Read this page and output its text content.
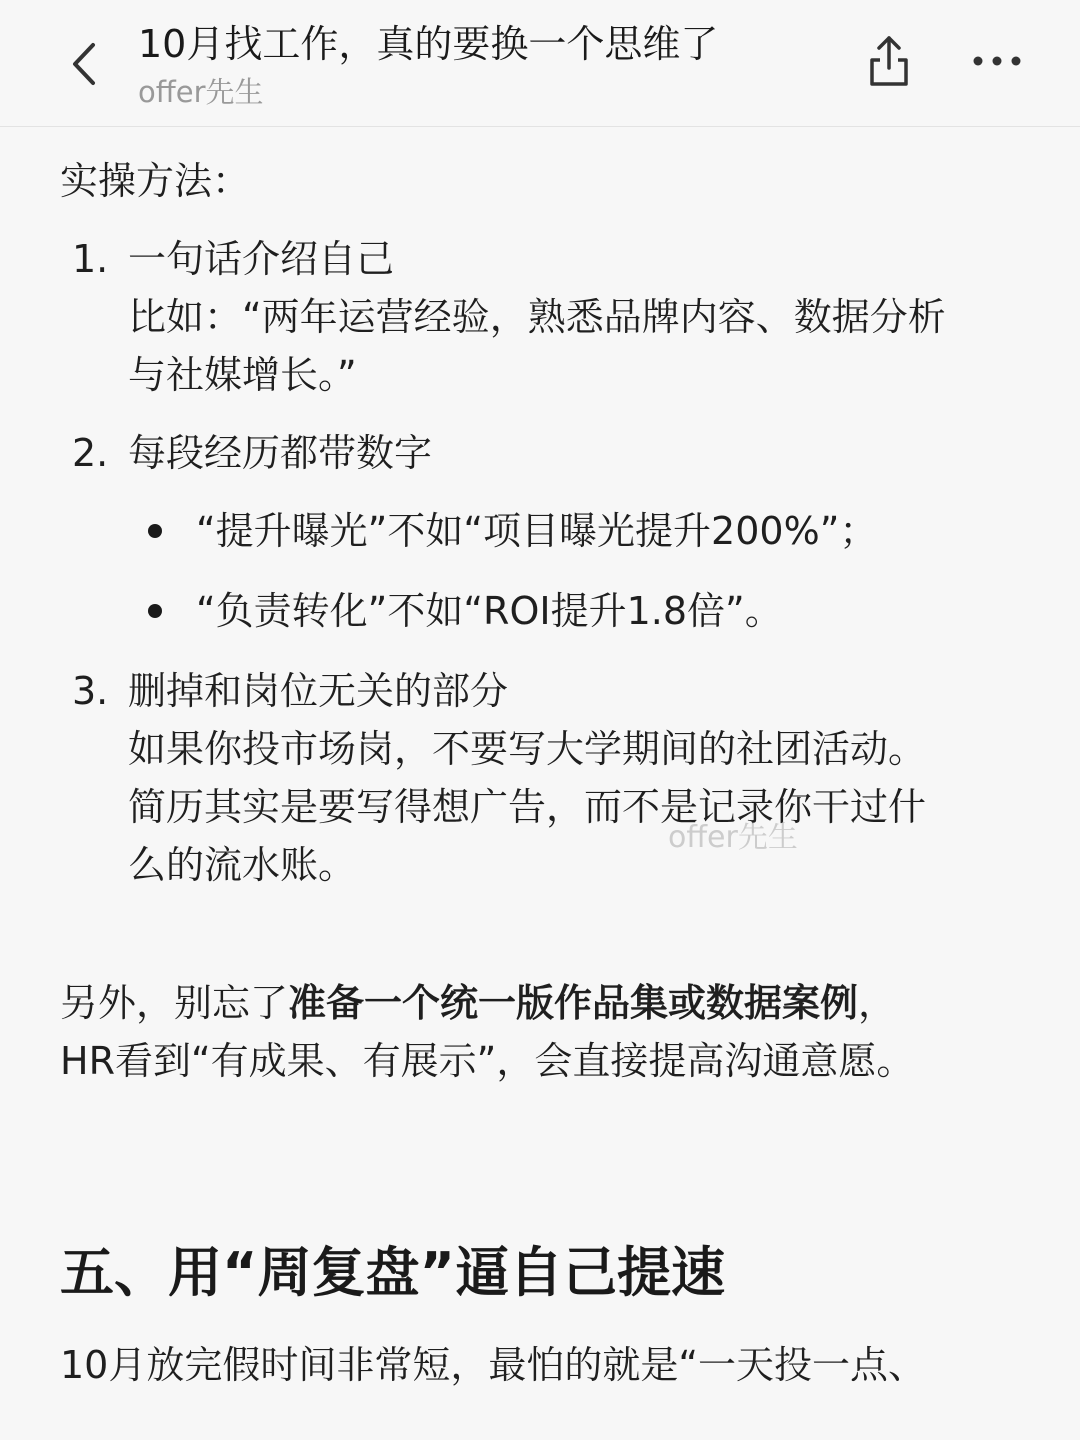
10月找工作，真的要换一个思维了
offer先生
实操方法：
1. 一句话介绍自己
比如：“两年运营经验，熟悉品牌内容、数据分析
与社媒增长。”
2. 每段经历都带数字
“提升曝光”不如“项目曝光提升200%”；
“负责转化”不如“ROI提升1.8倍”。
3. 删掉和岗位无关的部分
如果你投市场岗，不要写大学期间的社团活动。
简历其实是要写得想广告，而不是记录你干过什
么的流水账。
另外，别忘了准备一个统一版作品集或数据案例，
HR看到“有成果、有展示”，会直接提高沟通意愿。
五、用“周复盘”逼自己提速
10月放完假时间非常短，最怕的就是“一天投一点、
offer先生
